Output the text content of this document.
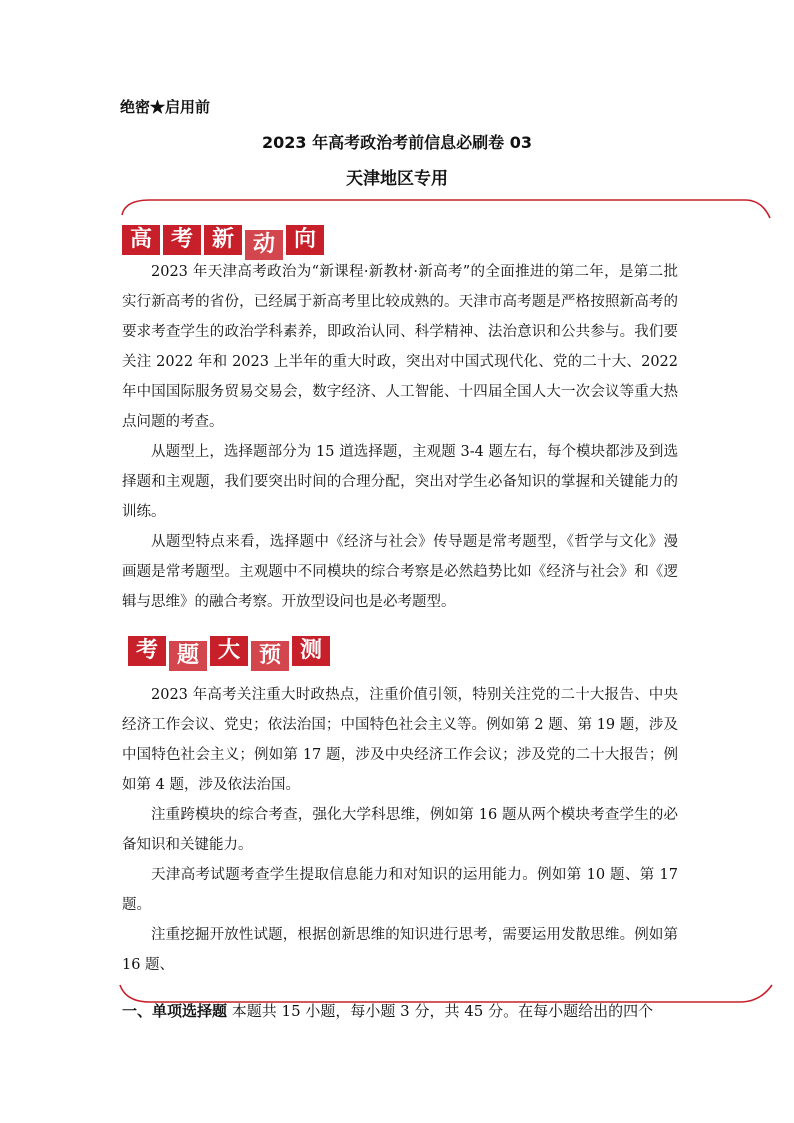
绝密★启用前
2023 年高考政治考前信息必刷卷 03
天津地区专用
高 考 新 动 向

2023 年天津高考政治为“新课程·新教材·新高考”的全面推进的第二年，是第二批实行新高考的省份，已经属于新高考里比较成熟的。天津市高考题是严格按照新高考的要求考查学生的政治学科素养，即政治认同、科学精神、法治意识和公共参与。我们要关注 2022 年和 2023 上半年的重大时政，突出对中国式现代化、党的二十大、2022 年中国国际服务贸易交易会，数字经济、人工智能、十四届全国人大一次会议等重大热点问题的考查。

从题型上，选择题部分为 15 道选择题，主观题 3-4 题左右，每个模块都涉及到选择题和主观题，我们要突出时间的合理分配，突出对学生必备知识的掌握和关键能力的训练。

从题型特点来看，选择题中《经济与社会》传导题是常考题型，《哲学与文化》漫画题是常考题型。主观题中不同模块的综合考察是必然趋势比如《经济与社会》和《逻辑与思维》的融合考察。开放型设问也是必考题型。

考 题 大 预 测

2023 年高考关注重大时政热点，注重价值引领，特别关注党的二十大报告、中央经济工作会议、党史；依法治国；中国特色社会主义等。例如第 2 题、第 19 题，涉及中国特色社会主义；例如第 17 题，涉及中央经济工作会议；涉及党的二十大报告；例如第 4 题，涉及依法治国。

注重跨模块的综合考查，强化大学科思维，例如第 16 题从两个模块考查学生的必备知识和关键能力。

天津高考试题考查学生提取信息能力和对知识的运用能力。例如第 10 题、第 17 题。

注重挖掘开放性试题，根据创新思维的知识进行思考，需要运用发散思维。例如第 16 题、

一、单项选择题 本题共 15 小题，每小题 3 分，共 45 分。在每小题给出的四个
